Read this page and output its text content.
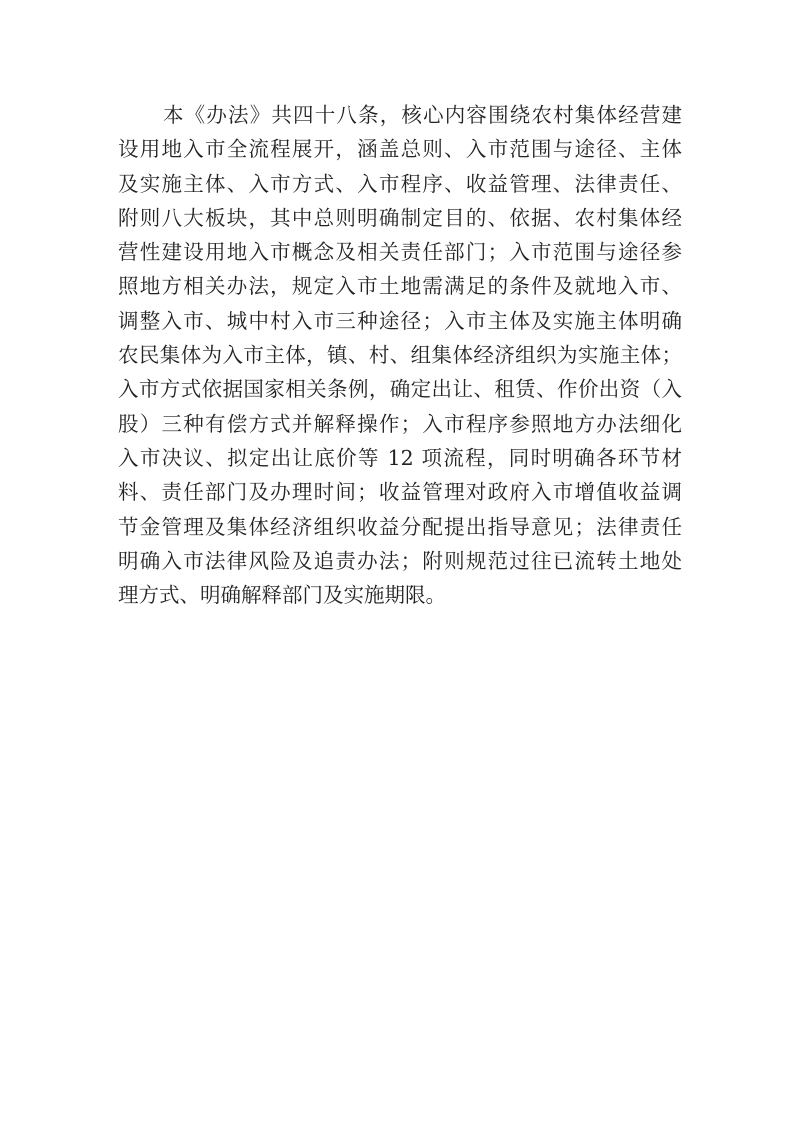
本《办法》共四十八条，核心内容围绕农村集体经营建
设用地入市全流程展开，涵盖总则、入市范围与途径、主体
及实施主体、入市方式、入市程序、收益管理、法律责任、
附则八大板块，其中总则明确制定目的、依据、农村集体经
营性建设用地入市概念及相关责任部门；入市范围与途径参
照地方相关办法，规定入市土地需满足的条件及就地入市、
调整入市、城中村入市三种途径；入市主体及实施主体明确
农民集体为入市主体，镇、村、组集体经济组织为实施主体；
入市方式依据国家相关条例，确定出让、租赁、作价出资（入
股）三种有偿方式并解释操作；入市程序参照地方办法细化
入市决议、拟定出让底价等 12 项流程，同时明确各环节材
料、责任部门及办理时间；收益管理对政府入市增值收益调
节金管理及集体经济组织收益分配提出指导意见；法律责任
明确入市法律风险及追责办法；附则规范过往已流转土地处
理方式、明确解释部门及实施期限。
